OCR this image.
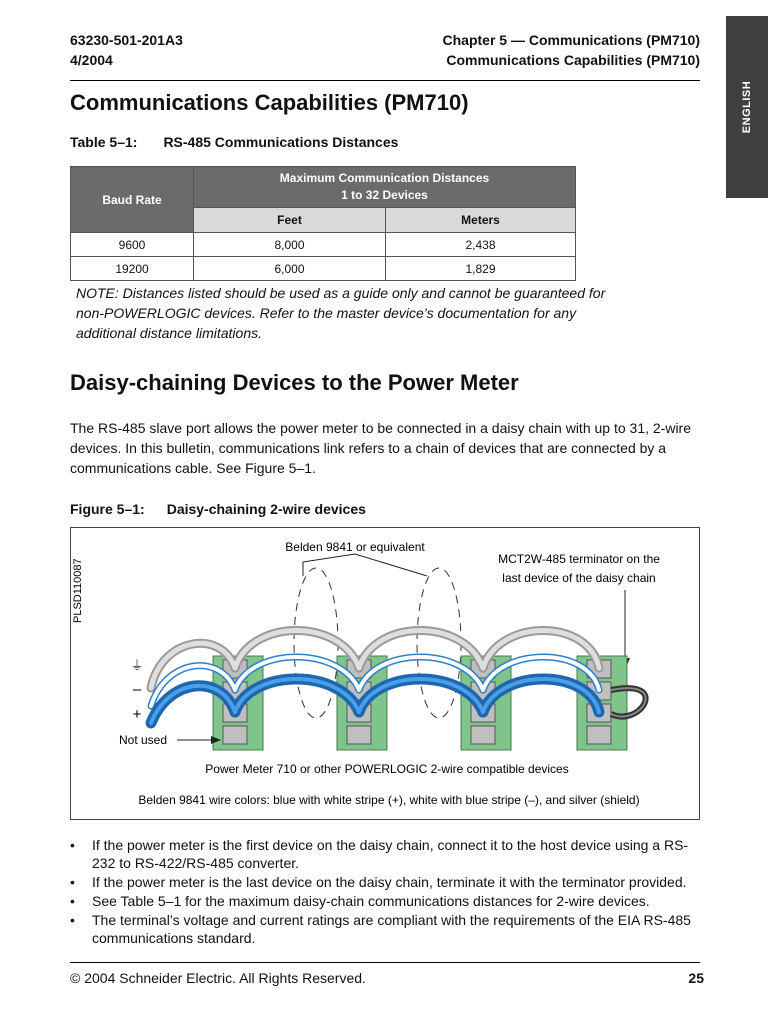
63230-501-201A3
4/2004
Chapter 5 — Communications (PM710)
Communications Capabilities (PM710)
ENGLISH
Communications Capabilities (PM710)
Table 5–1: RS-485 Communications Distances
Baud Rate	Maximum Communication Distances
1 to 32 Devices	

	Feet	Meters
9600	8,000	2,438
19200	6,000	1,829
NOTE: Distances listed should be used as a guide only and cannot be guaranteed for non-POWERLOGIC devices. Refer to the master device’s documentation for any additional distance limitations.
Daisy-chaining Devices to the Power Meter
The RS-485 slave port allows the power meter to be connected in a daisy chain with up to 31, 2-wire devices. In this bulletin, communications link refers to a chain of devices that are connected by a communications cable. See Figure 5–1.
Figure 5–1: Daisy-chaining 2-wire devices
PLSD110087
Belden 9841 or equivalent
MCT2W-485 terminator on the
last device of the daisy chain
⏚
–
+
Not used
Power Meter 710 or other POWERLOGIC 2-wire compatible devices
Belden 9841 wire colors: blue with white stripe (+), white with blue stripe (–), and silver (shield)
• If the power meter is the first device on the daisy chain, connect it to the host device using a RS-232 to RS-422/RS-485 converter.
• If the power meter is the last device on the daisy chain, terminate it with the terminator provided.
• See Table 5–1 for the maximum daisy-chain communications distances for 2-wire devices.
• The terminal’s voltage and current ratings are compliant with the requirements of the EIA RS-485 communications standard.
© 2004 Schneider Electric. All Rights Reserved.	25
